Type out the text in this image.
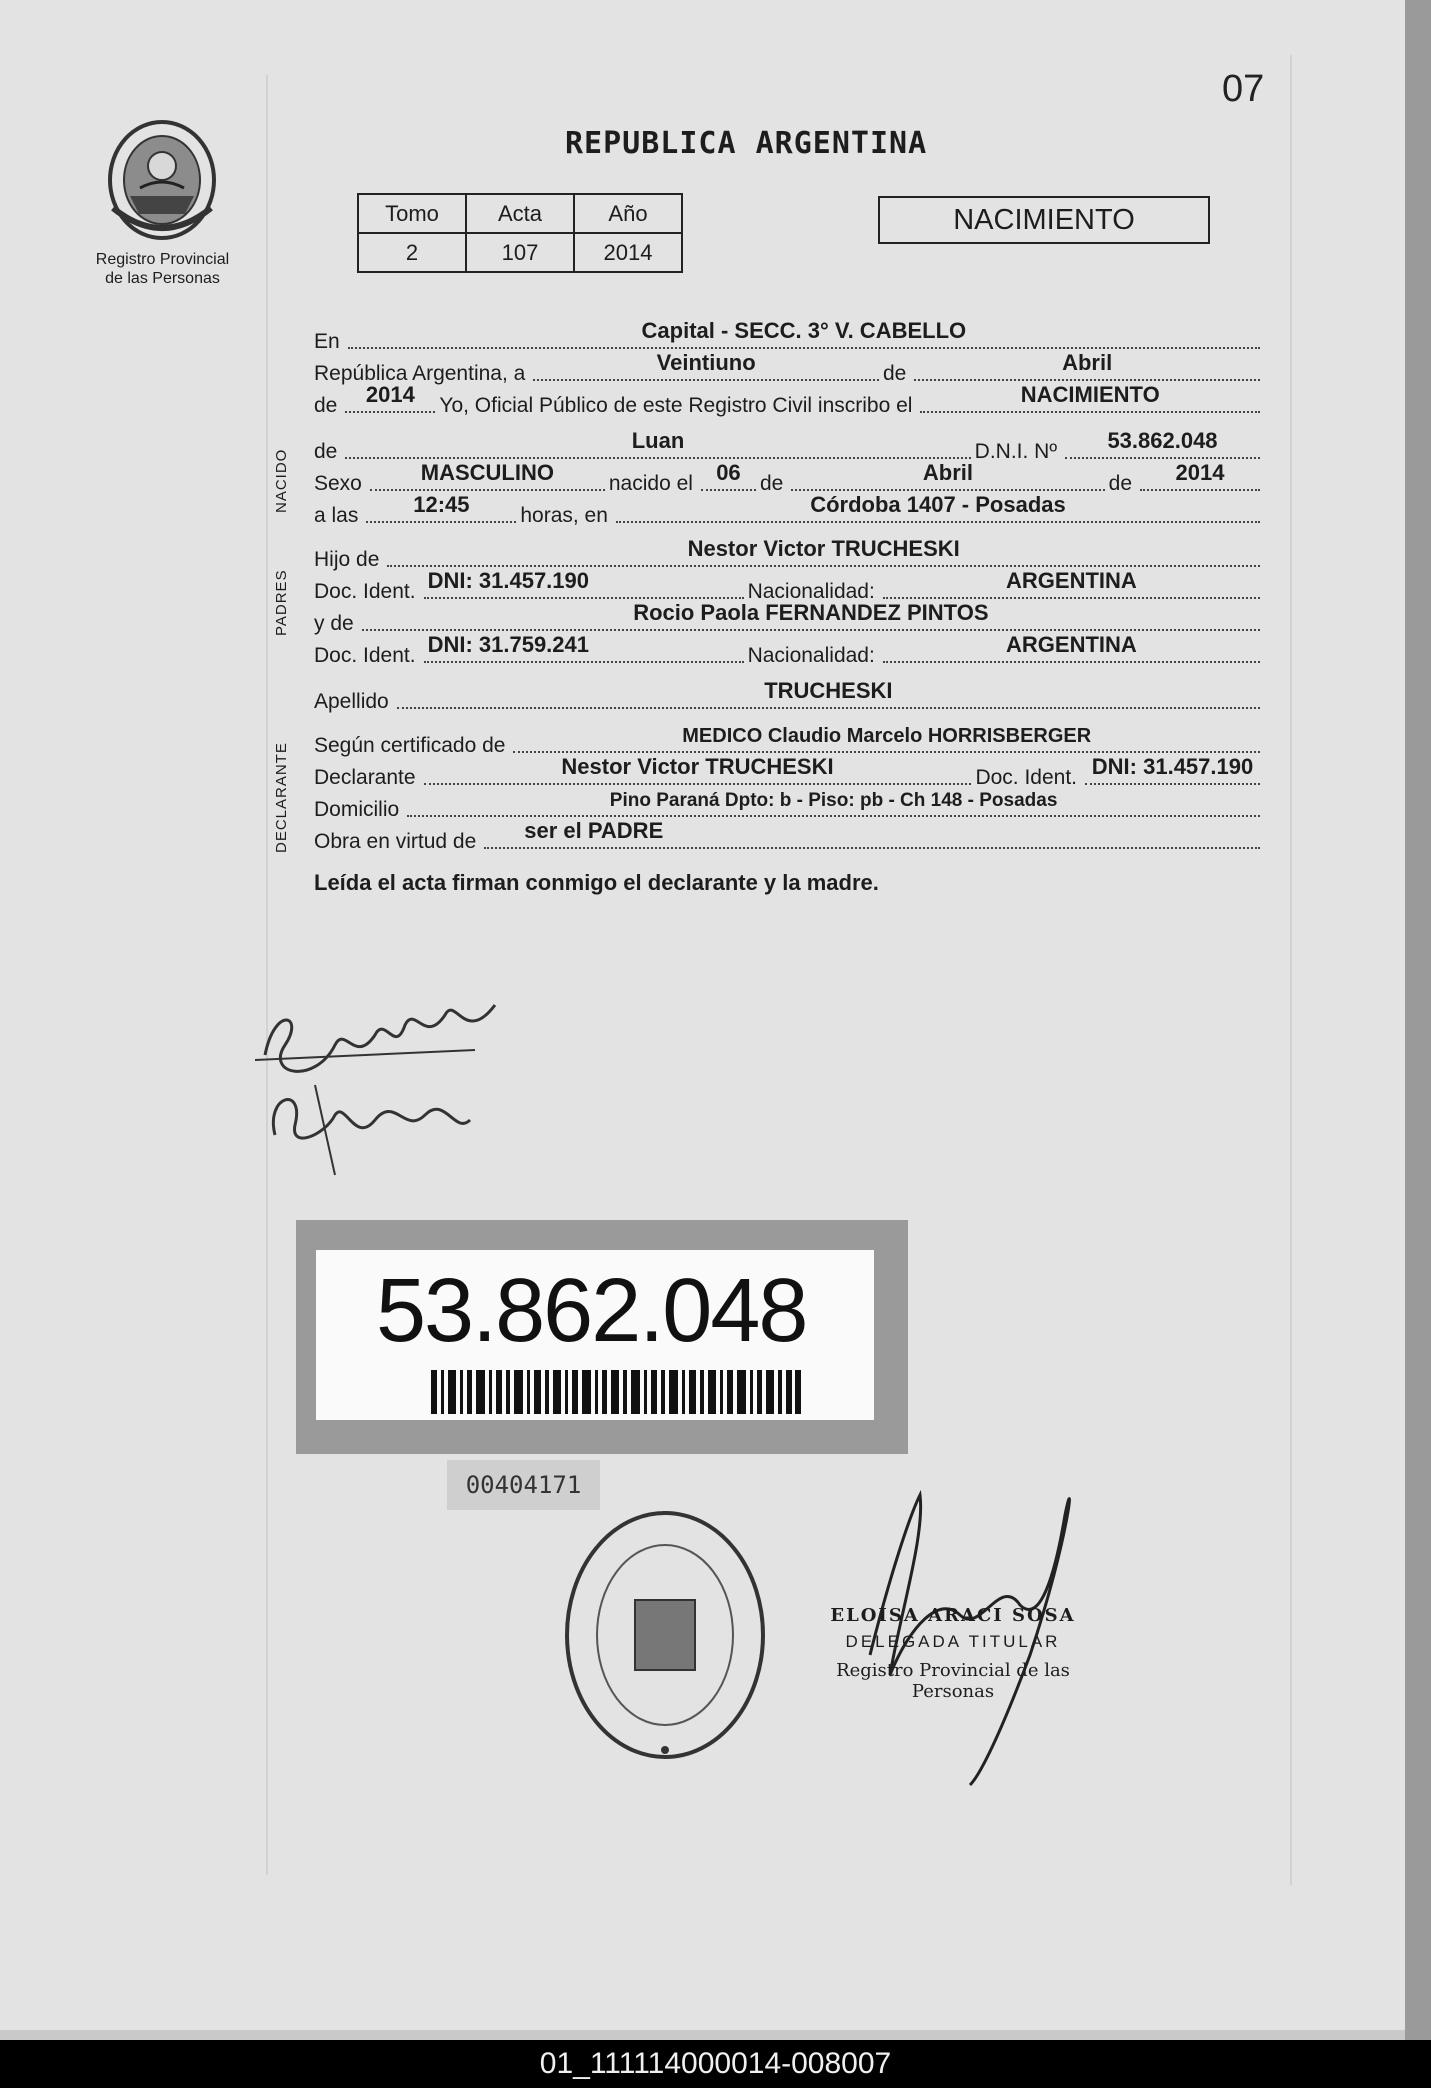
07
Registro Provincial
de las Personas
REPUBLICA ARGENTINA
Tomo	Acta	Año
2	107	2014
NACIMIENTO
En	Capital - SECC. 3° V. CABELLO
República Argentina, a	Veintiuno	de	Abril
de	2014	Yo, Oficial Público de este Registro Civil inscribo el	NACIMIENTO
de	Luan	D.N.I. Nº	53.862.048
Sexo	MASCULINO	nacido el	06 de	Abril	de	2014
a las	12:45	horas, en	Córdoba 1407 - Posadas
Hijo de	Nestor Victor TRUCHESKI
Doc. Ident. DNI: 31.457.190	Nacionalidad:	ARGENTINA
y de	Rocio Paola FERNANDEZ PINTOS
Doc. Ident. DNI: 31.759.241	Nacionalidad:	ARGENTINA
Apellido	TRUCHESKI
Según certificado de	MEDICO Claudio Marcelo HORRISBERGER
Declarante	Nestor Victor TRUCHESKI	Doc. Ident. DNI: 31.457.190
Domicilio	Pino Paraná Dpto: b - Piso: pb - Ch 148 - Posadas
Obra en virtud de ser el PADRE
NACIDO
PADRES
DECLARANTE
Leída el acta firman conmigo el declarante y la madre.
53.862.048
00404171
ELOISA ARACI SOSA
DELEGADA TITULAR
Registro Provincial de las Personas
01_111114000014-008007
